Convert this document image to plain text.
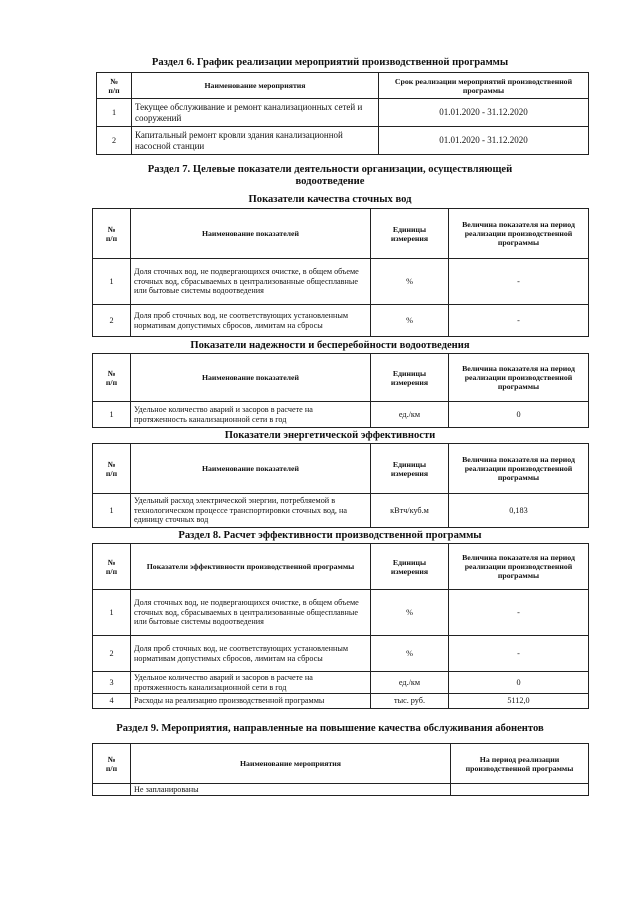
Раздел 6. График реализации мероприятий производственной программы
№
п/п	Наименование мероприятия	Срок реализации мероприятий производственной программы
1	Текущее обслуживание и ремонт канализационных сетей и сооружений	01.01.2020 - 31.12.2020
2	Капитальный ремонт кровли здания канализационной насосной станции	01.01.2020 - 31.12.2020
Раздел 7. Целевые показатели деятельности организации, осуществляющей
водоотведение
Показатели качества сточных вод
№
п/п	Наименование показателей	Единицы измерения	Величина показателя на период реализации производственной программы
1	Доля сточных вод, не подвергающихся очистке, в общем объеме сточных вод, сбрасываемых в централизованные общесплавные или бытовые системы водоотведения	%	-
2	Доля проб сточных вод, не соответствующих установленным нормативам допустимых сбросов, лимитам на сбросы	%	-
Показатели надежности и бесперебойности водоотведения
№
п/п	Наименование показателей	Единицы измерения	Величина показателя на период реализации производственной программы
1	Удельное количество аварий и засоров в расчете на протяженность канализационной сети в год	ед./км	0
Показатели энергетической эффективности
№
п/п	Наименование показателей	Единицы измерения	Величина показателя на период реализации производственной программы
1	Удельный расход электрической энергии, потребляемой в технологическом процессе транспортировки сточных вод, на единицу сточных вод	кВтч/куб.м	0,183
Раздел 8. Расчет эффективности производственной программы
№
п/п	Показатели эффективности производственной программы	Единицы измерения	Величина показателя на период реализации производственной программы
1	Доля сточных вод, не подвергающихся очистке, в общем объеме сточных вод, сбрасываемых в централизованные общесплавные или бытовые системы водоотведения	%	-
2	Доля проб сточных вод, не соответствующих установленным нормативам допустимых сбросов, лимитам на сбросы	%	-
3	Удельное количество аварий и засоров в расчете на протяженность канализационной сети в год	ед./км	0
4	Расходы на реализацию производственной программы	тыс. руб.	5112,0
Раздел 9. Мероприятия, направленные на повышение качества обслуживания абонентов
№
п/п	Наименование мероприятия	На период реализации производственной программы
	Не запланированы	
